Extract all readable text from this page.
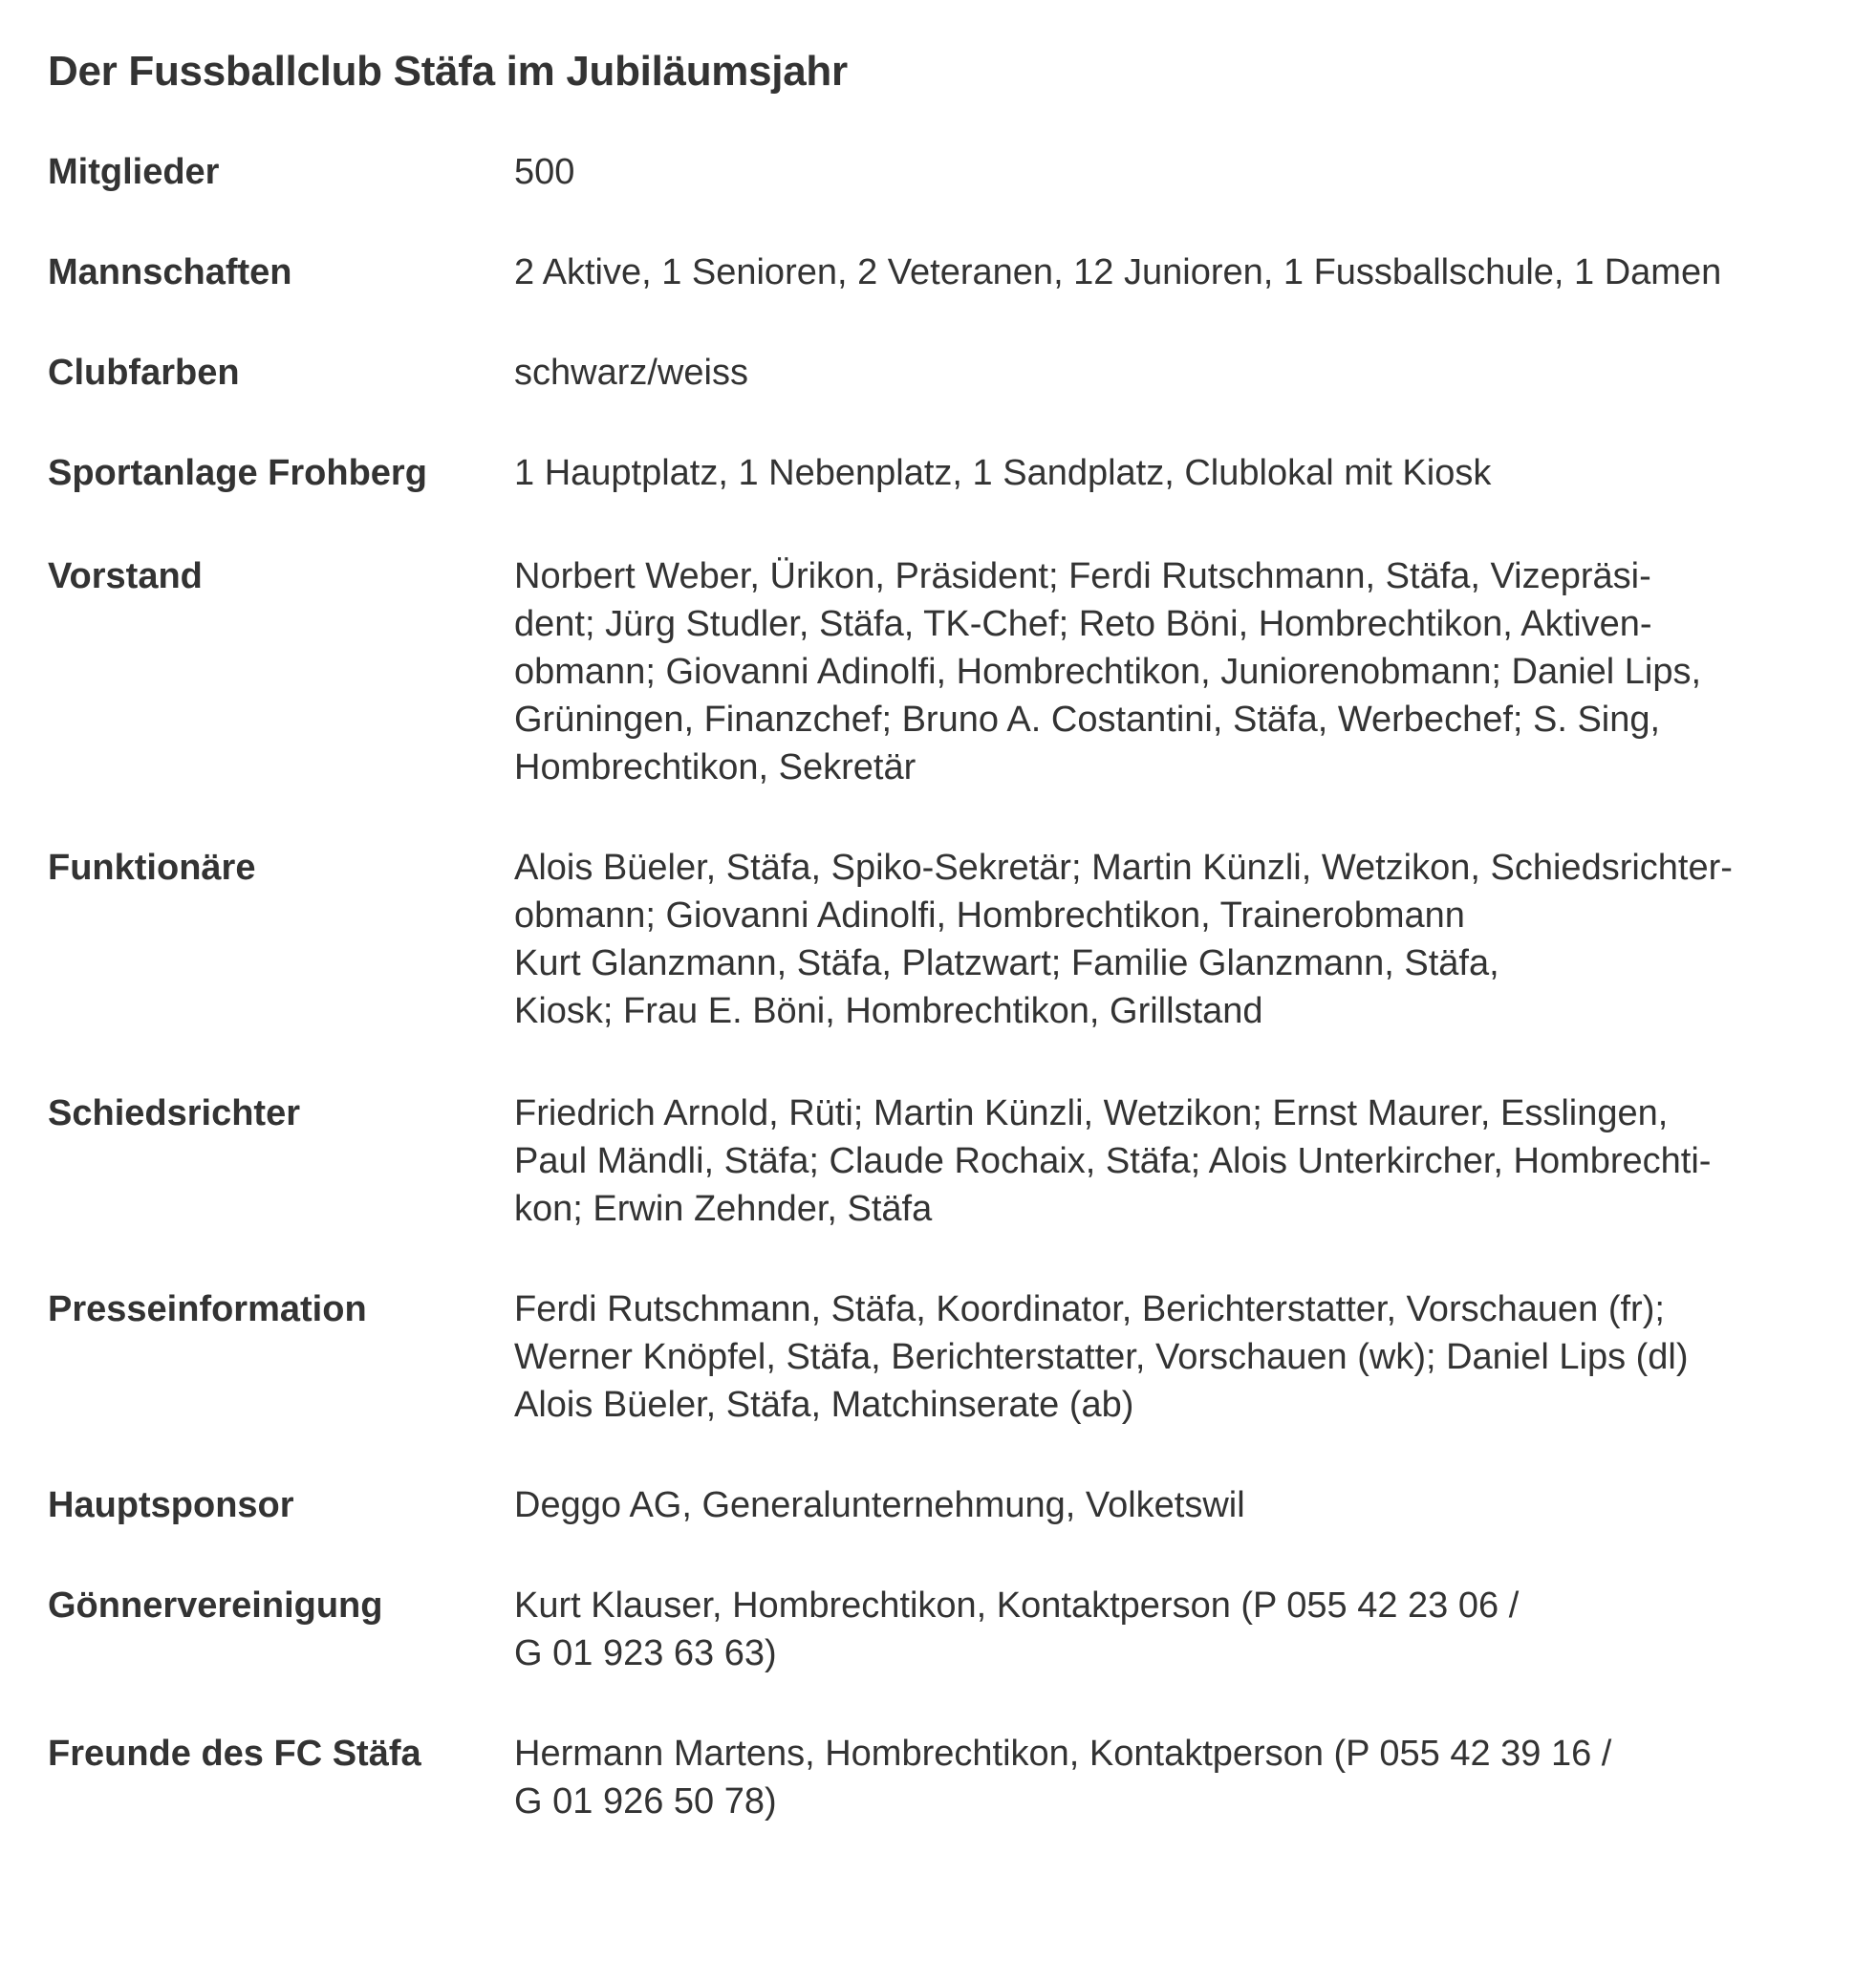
Der Fussballclub Stäfa im Jubiläumsjahr
Mitglieder	500
Mannschaften	2 Aktive, 1 Senioren, 2 Veteranen, 12 Junioren, 1 Fussballschule, 1 Damen
Clubfarben	schwarz/weiss
Sportanlage Frohberg	1 Hauptplatz, 1 Nebenplatz, 1 Sandplatz, Clublokal mit Kiosk
Vorstand	Norbert Weber, Ürikon, Präsident; Ferdi Rutschmann, Stäfa, Vizepräsi-
dent; Jürg Studler, Stäfa, TK-Chef; Reto Böni, Hombrechtikon, Aktiven-
obmann; Giovanni Adinolfi, Hombrechtikon, Juniorenobmann; Daniel Lips,
Grüningen, Finanzchef; Bruno A. Costantini, Stäfa, Werbechef; S. Sing,
Hombrechtikon, Sekretär
Funktionäre	Alois Büeler, Stäfa, Spiko-Sekretär; Martin Künzli, Wetzikon, Schiedsrichter-
obmann; Giovanni Adinolfi, Hombrechtikon, Trainerobmann
Kurt Glanzmann, Stäfa, Platzwart; Familie Glanzmann, Stäfa,
Kiosk; Frau E. Böni, Hombrechtikon, Grillstand
Schiedsrichter	Friedrich Arnold, Rüti; Martin Künzli, Wetzikon; Ernst Maurer, Esslingen,
Paul Mändli, Stäfa; Claude Rochaix, Stäfa; Alois Unterkircher, Hombrechti-
kon; Erwin Zehnder, Stäfa
Presseinformation	Ferdi Rutschmann, Stäfa, Koordinator, Berichterstatter, Vorschauen (fr);
Werner Knöpfel, Stäfa, Berichterstatter, Vorschauen (wk); Daniel Lips (dl)
Alois Büeler, Stäfa, Matchinserate (ab)
Hauptsponsor	Deggo AG, Generalunternehmung, Volketswil
Gönnervereinigung	Kurt Klauser, Hombrechtikon, Kontaktperson (P 055 42 23 06 /
G 01 923 63 63)
Freunde des FC Stäfa	Hermann Martens, Hombrechtikon, Kontaktperson (P 055 42 39 16 /
G 01 926 50 78)
